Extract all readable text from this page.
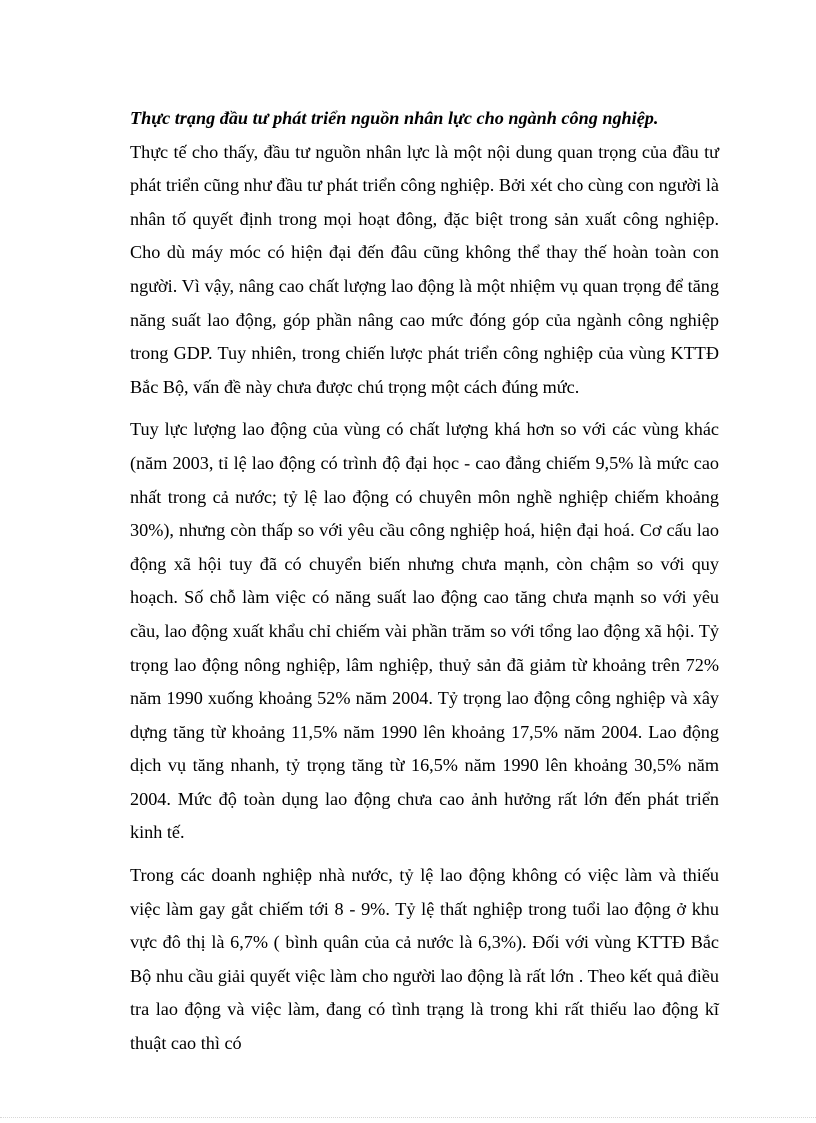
Thực trạng đầu tư phát triển nguồn nhân lực cho ngành công nghiệp.

Thực tế cho thấy, đầu tư nguồn nhân lực là một nội dung quan trọng của đầu tư phát triển cũng như đầu tư phát triển công nghiệp. Bởi xét cho cùng con người là nhân tố quyết định trong mọi hoạt đông, đặc biệt trong sản xuất công nghiệp. Cho dù máy móc có hiện đại đến đâu cũng không thể thay thế hoàn toàn con người. Vì vậy, nâng cao chất lượng lao động là một nhiệm vụ quan trọng để tăng năng suất lao động, góp phần nâng cao mức đóng góp của ngành công nghiệp trong GDP. Tuy nhiên, trong chiến lược phát triển công nghiệp của vùng KTTĐ Bắc Bộ, vấn đề này chưa được chú trọng một cách đúng mức.

Tuy lực lượng lao động của vùng có chất lượng khá hơn so với các vùng khác (năm 2003, tỉ lệ lao động có trình độ đại học - cao đẳng chiếm 9,5% là mức cao nhất trong cả nước; tỷ lệ lao động có chuyên môn nghề nghiệp chiếm khoảng 30%), nhưng còn thấp so với yêu cầu công nghiệp hoá, hiện đại hoá. Cơ cấu lao động xã hội tuy đã có chuyển biến nhưng chưa mạnh, còn chậm so với quy hoạch. Số chỗ làm việc có năng suất lao động cao tăng chưa mạnh so với yêu cầu, lao động xuất khẩu chỉ chiếm vài phần trăm so với tổng lao động xã hội. Tỷ trọng lao động nông nghiệp, lâm nghiệp, thuỷ sản đã giảm từ khoảng trên 72% năm 1990 xuống khoảng 52% năm 2004. Tỷ trọng lao động công nghiệp và xây dựng tăng từ khoảng 11,5% năm 1990 lên khoảng 17,5% năm 2004. Lao động dịch vụ tăng nhanh, tỷ trọng tăng từ 16,5% năm 1990 lên khoảng 30,5% năm 2004. Mức độ toàn dụng lao động chưa cao ảnh hưởng rất lớn đến phát triển kinh tế.

Trong các doanh nghiệp nhà nước, tỷ lệ lao động không có việc làm và thiếu việc làm gay gắt chiếm tới 8 - 9%. Tỷ lệ thất nghiệp trong tuổi lao động ở khu vực đô thị là 6,7% ( bình quân của cả nước là 6,3%). Đối với vùng KTTĐ Bắc Bộ nhu cầu giải quyết việc làm cho người lao động là rất lớn . Theo kết quả điều tra lao động và việc làm, đang có tình trạng là trong khi rất thiếu lao động kĩ thuật cao thì có
